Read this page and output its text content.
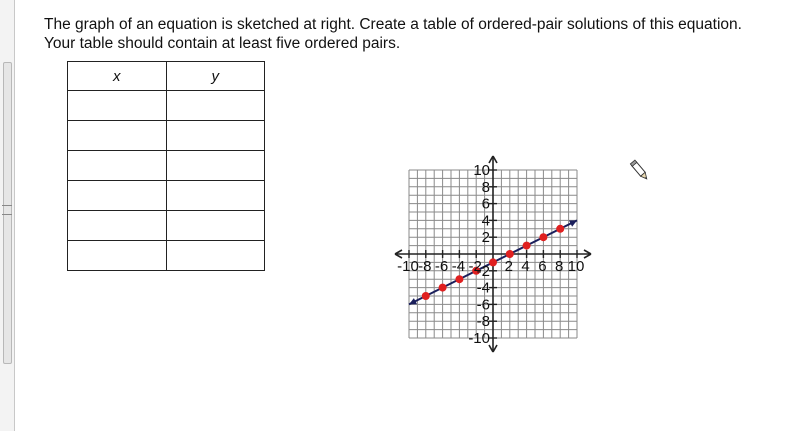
The graph of an equation is sketched at right. Create a table of ordered-pair solutions of this equation.
Your table should contain at least five ordered pairs.
x	y

-10 -8 -6 -4 -2 2 4 6 8 10
10
8
6
4
2
-2
-4
-6
-8
-10
